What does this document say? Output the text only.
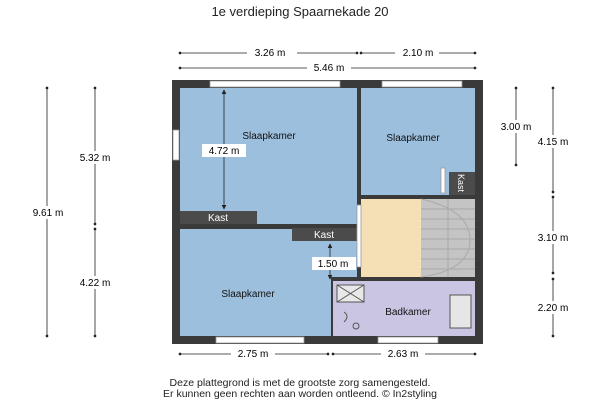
1e verdieping Spaarnekade 20
3.26 m	2.10 m
5.46 m
9.61 m
5.32 m
4.22 m
3.00 m
4.15 m
3.10 m
2.20 m
2.75 m	2.63 m
4.72 m
1.50 m
Slaapkamer	Slaapkamer
Slaapkamer
Badkamer
Kast
Kast
Kast
Deze plattegrond is met de grootste zorg samengesteld.
Er kunnen geen rechten aan worden ontleend. © In2styling
